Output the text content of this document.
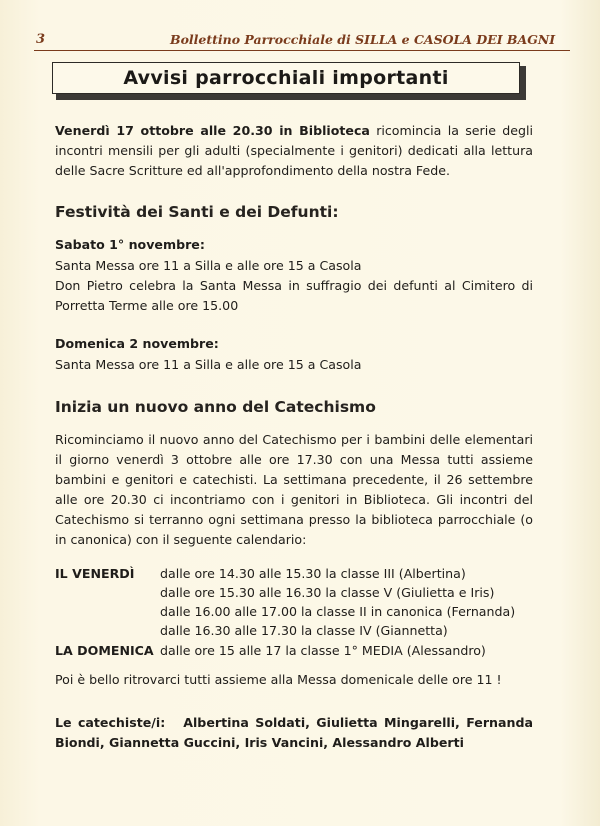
3	Bollettino Parrocchiale di SILLA e CASOLA DEI BAGNI
Avvisi parrocchiali importanti

Venerdì 17 ottobre alle 20.30 in Biblioteca ricomincia la serie degli incontri mensili per gli adulti (specialmente i genitori) dedicati alla lettura delle Sacre Scritture ed all'approfondimento della nostra Fede.

Festività dei Santi e dei Defunti:
Sabato 1° novembre:
Santa Messa ore 11 a Silla e alle ore 15 a Casola

Don Pietro celebra la Santa Messa in suffragio dei defunti al Cimitero di Porretta Terme alle ore 15.00

Domenica 2 novembre:
Santa Messa ore 11 a Silla e alle ore 15 a Casola
Inizia un nuovo anno del Catechismo

Ricominciamo il nuovo anno del Catechismo per i bambini delle elementari il giorno venerdì 3 ottobre alle ore 17.30 con una Messa tutti assieme bambini e genitori e catechisti. La settimana precedente, il 26 settembre alle ore 20.30 ci incontriamo con i genitori in Biblioteca. Gli incontri del Catechismo si terranno ogni settimana presso la biblioteca parrocchiale (o in canonica) con il seguente calendario:

IL VENERDÌ dalle ore 14.30 alle 15.30 la classe III (Albertina)
dalle ore 15.30 alle 16.30 la classe V (Giulietta e Iris)
dalle 16.00 alle 17.00 la classe II in canonica (Fernanda)
dalle 16.30 alle 17.30 la classe IV (Giannetta)
LA DOMENICA dalle ore 15 alle 17 la classe 1° MEDIA (Alessandro)
Poi è bello ritrovarci tutti assieme alla Messa domenicale delle ore 11 !

Le catechiste/i: Albertina Soldati, Giulietta Mingarelli, Fernanda Biondi, Giannetta Guccini, Iris Vancini, Alessandro Alberti
